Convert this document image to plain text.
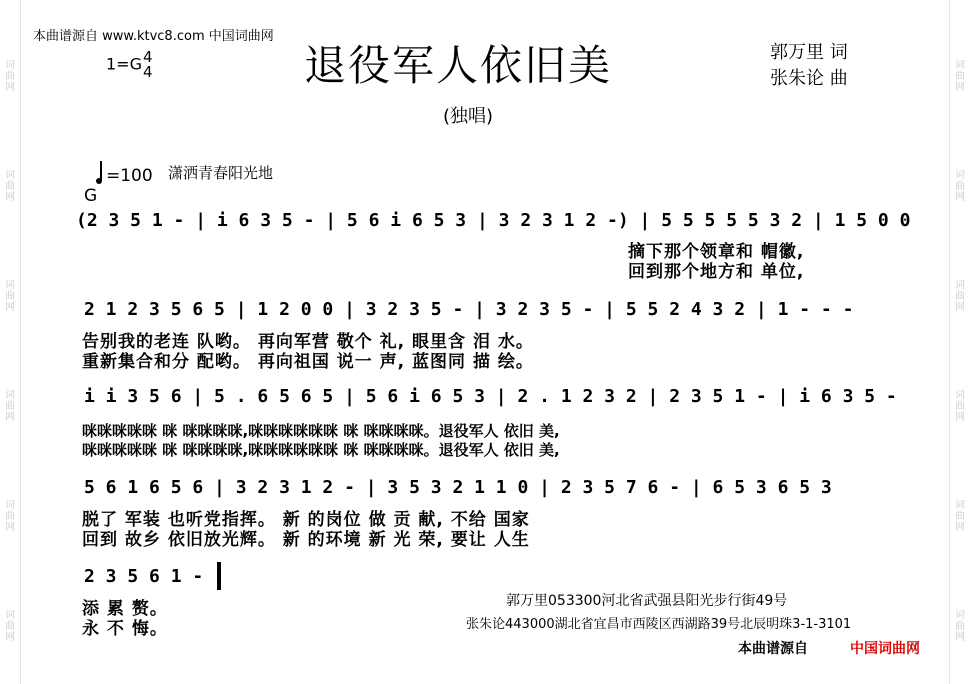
词曲网
词曲网
词曲网
词曲网
词曲网
词曲网
词曲网
词曲网
词曲网
词曲网
词曲网
词曲网
本曲谱源自 www.ktvc8.com 中国词曲网
1=G 4
4	退役军人依旧美	郭万里 词
张朱论 曲
(独唱)
=100
G
潇洒青春阳光地
(2 3 5 1 - | i 6 3 5 - | 5 6 i 6 5 3 | 3 2 3 1 2 -) | 5 5 5 5 5 3 2 | 1 5 0 0
摘下那个领章和 帽徽,
回到那个地方和 单位,
2 1 2 3 5 6 5 | 1 2 0 0 | 3 2 3 5 - | 3 2 3 5 - | 5 5 2 4 3 2 | 1 - - -
告别我的老连 队哟。 再向军营 敬个 礼, 眼里含 泪 水。
重新集合和分 配哟。 再向祖国 说一 声, 蓝图同 描 绘。
i i 3 5 6 | 5 . 6 5 6 5 | 5 6 i 6 5 3 | 2 . 1 2 3 2 | 2 3 5 1 - | i 6 3 5 -
咪咪咪咪咪 咪 咪咪咪咪,咪咪咪咪咪咪 咪 咪咪咪咪。退役军人 依旧 美,
咪咪咪咪咪 咪 咪咪咪咪,咪咪咪咪咪咪 咪 咪咪咪咪。退役军人 依旧 美,
5 6 1 6 5 6 | 3 2 3 1 2 - | 3 5 3 2 1 1 0 | 2 3 5 7 6 - | 6 5 3 6 5 3
脱了 军装 也听党指挥。 新 的岗位 做 贡 献, 不给 国家
回到 故乡 依旧放光辉。 新 的环境 新 光 荣, 要让 人生
2 3 5 6 1 -
添 累 赘。
永 不 悔。
郭万里053300河北省武强县阳光步行街49号
张朱论443000湖北省宜昌市西陵区西湖路39号北辰明珠3-1-3101
本曲谱源自	中国词曲网
